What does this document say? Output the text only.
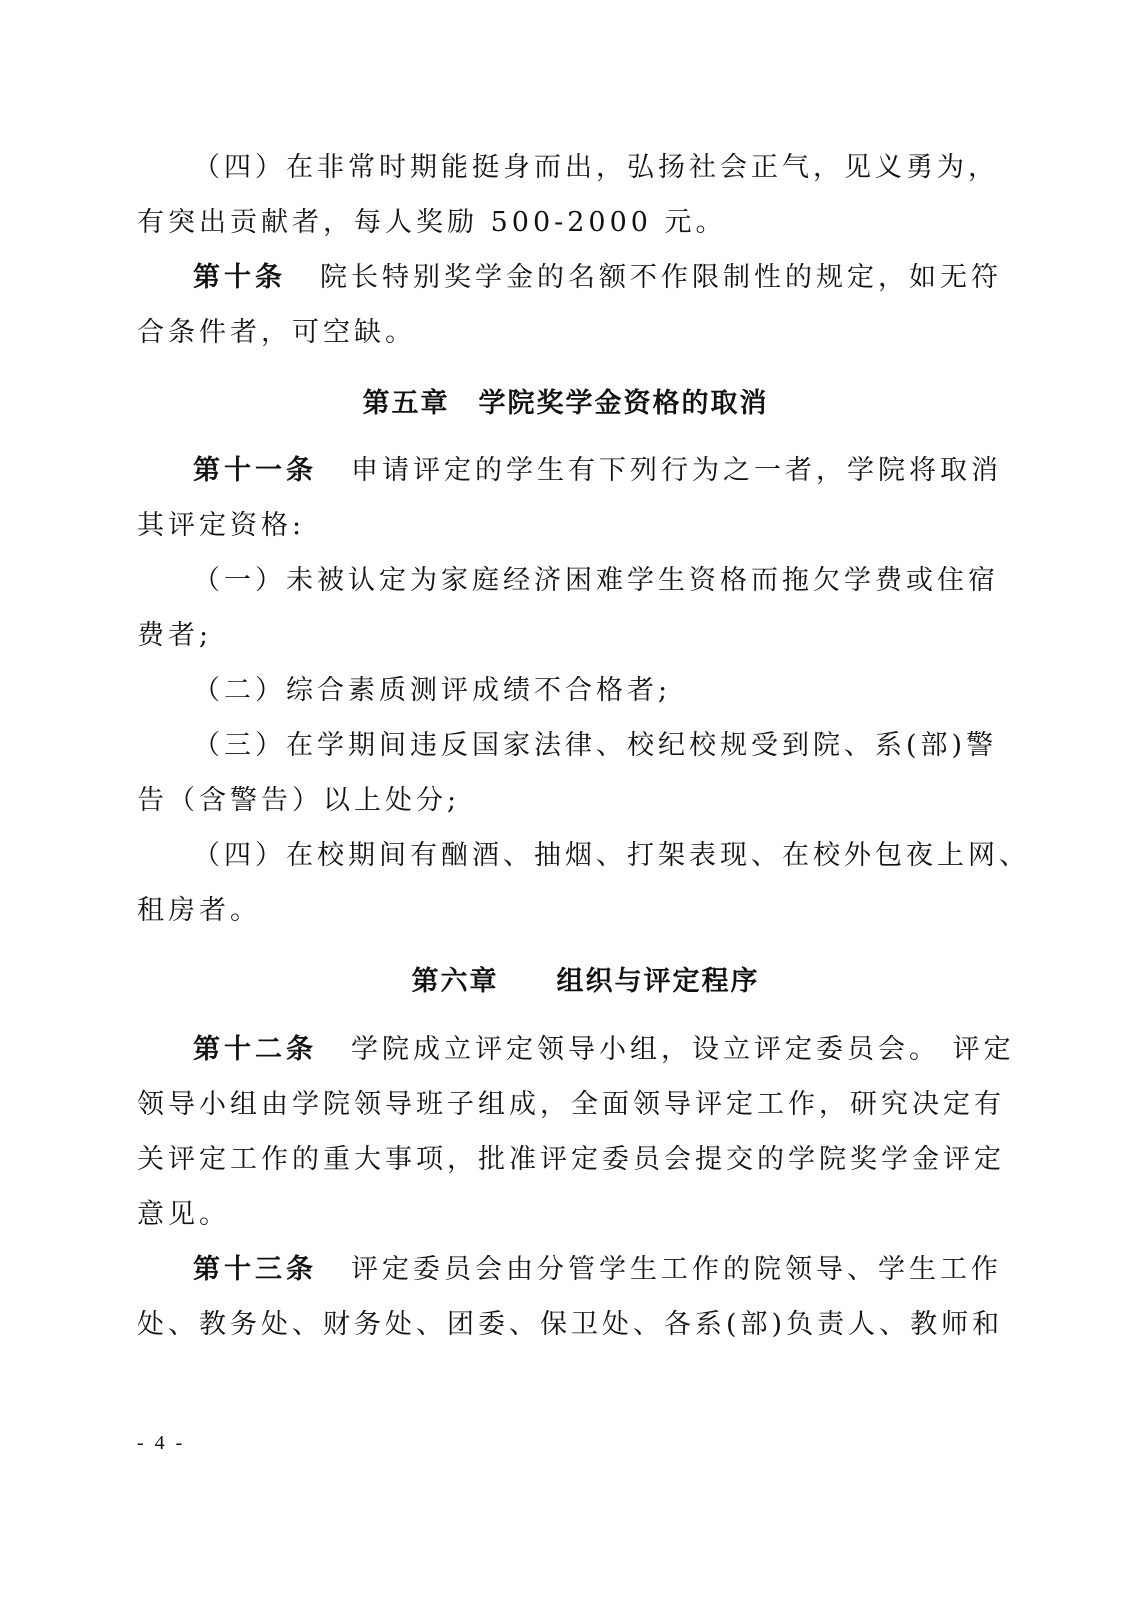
（四）在非常时期能挺身而出，弘扬社会正气，见义勇为，
有突出贡献者，每人奖励 500-2000 元。
第十条 院长特别奖学金的名额不作限制性的规定，如无符
合条件者，可空缺。
第五章　学院奖学金资格的取消
第十一条 申请评定的学生有下列行为之一者，学院将取消
其评定资格:
（一）未被认定为家庭经济困难学生资格而拖欠学费或住宿
费者;
（二）综合素质测评成绩不合格者;
（三）在学期间违反国家法律、校纪校规受到院、系(部)警
告（含警告）以上处分;
（四）在校期间有酗酒、抽烟、打架表现、在校外包夜上网、
租房者。
第六章　　组织与评定程序
第十二条 学院成立评定领导小组，设立评定委员会。 评定
领导小组由学院领导班子组成，全面领导评定工作，研究决定有
关评定工作的重大事项，批准评定委员会提交的学院奖学金评定
意见。
第十三条 评定委员会由分管学生工作的院领导、学生工作
处、教务处、财务处、团委、保卫处、各系(部)负责人、教师和
- 4 -
